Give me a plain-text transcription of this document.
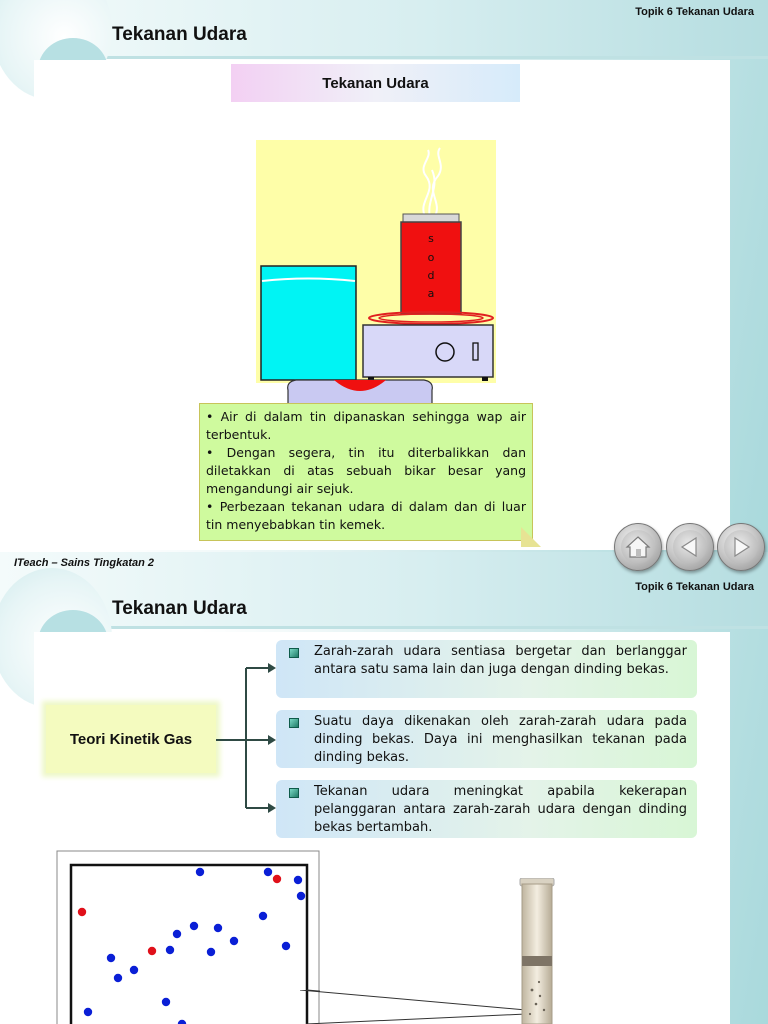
Tekanan Udara
Topik 6 Tekanan Udara
Tekanan Udara
s
o
d
a

• Air di dalam tin dipanaskan sehingga wap air terbentuk.

• Dengan segera, tin itu diterbalikkan dan diletakkan di atas sebuah bikar besar yang mengandungi air sejuk.

• Perbezaan tekanan udara di dalam dan di luar tin menyebabkan tin kemek.

ITeach – Sains Tingkatan 2
Topik 6 Tekanan Udara
Tekanan Udara
Teori Kinetik Gas
Zarah-zarah udara sentiasa bergetar dan berlanggar antara satu sama lain dan juga dengan dinding bekas.
Suatu daya dikenakan oleh zarah-zarah udara pada dinding bekas. Daya ini menghasilkan tekanan pada dinding bekas.
Tekanan udara meningkat apabila kekerapan pelanggaran antara zarah-zarah udara dengan dinding bekas bertambah.
